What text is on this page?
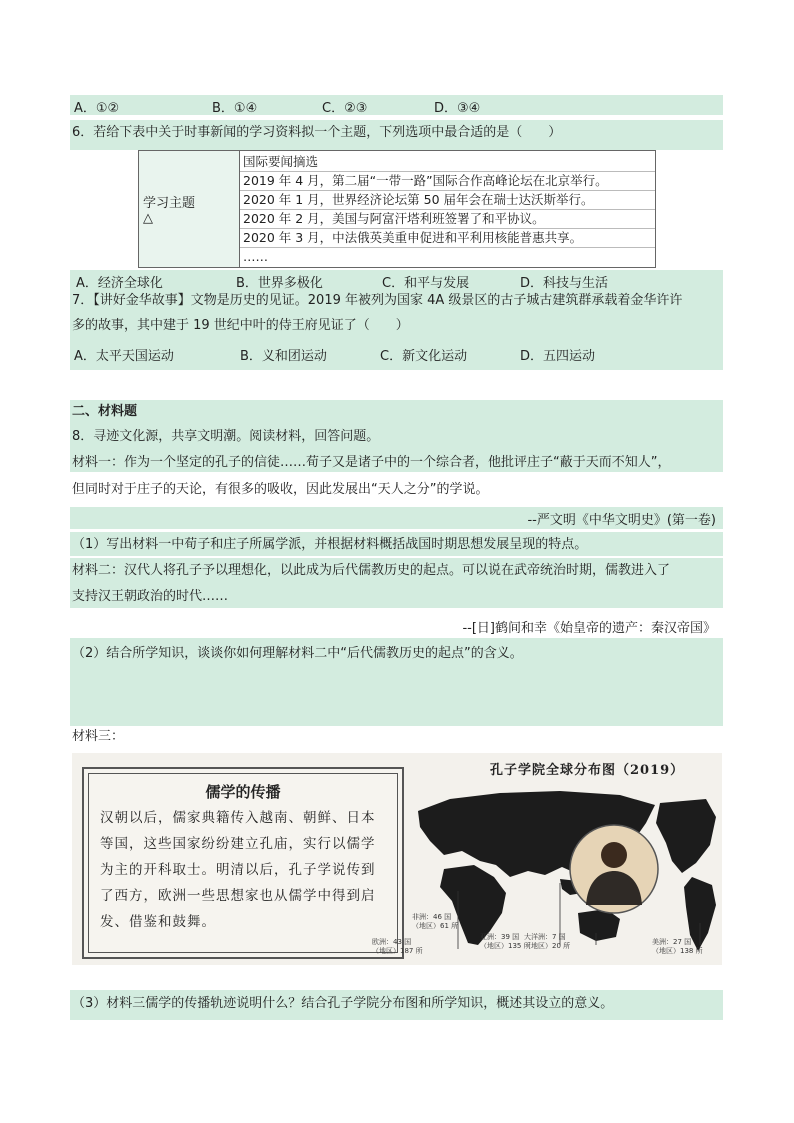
A．①②	B．①④	C．②③	D．③④
6．若给下表中关于时事新闻的学习资料拟一个主题，下列选项中最合适的是（　　）
学习主题
△

国际要闻摘选
2019 年 4 月，第二届“一带一路”国际合作高峰论坛在北京举行。
2020 年 1 月，世界经济论坛第 50 届年会在瑞士达沃斯举行。
2020 年 2 月，美国与阿富汗塔利班签署了和平协议。
2020 年 3 月，中法俄英美重申促进和平利用核能普惠共享。
……
A．经济全球化	B．世界多极化	C．和平与发展	D．科技与生活
7．【讲好金华故事】文物是历史的见证。2019 年被列为国家 4A 级景区的古子城古建筑群承载着金华许许
多的故事，其中建于 19 世纪中叶的侍王府见证了（　　）
A．太平天国运动	B．义和团运动	C．新文化运动	D．五四运动
二、材料题
8．寻迹文化源，共享文明潮。阅读材料，回答问题。
材料一：作为一个坚定的孔子的信徒……荀子又是诸子中的一个综合者，他批评庄子“蔽于天而不知人”，
但同时对于庄子的天论，有很多的吸收，因此发展出“天人之分”的学说。
--严文明《中华文明史》(第一卷)
（1）写出材料一中荀子和庄子所属学派，并根据材料概括战国时期思想发展呈现的特点。
材料二：汉代人将孔子予以理想化，以此成为后代儒教历史的起点。可以说在武帝统治时期，儒教进入了
支持汉王朝政治的时代……
--[日]鹤间和幸《始皇帝的遗产：秦汉帝国》
（2）结合所学知识，谈谈你如何理解材料二中“后代儒教历史的起点”的含义。
材料三：
儒学的传播
汉朝以后，儒家典籍传入越南、朝鲜、日本等国，这些国家纷纷建立孔庙，实行以儒学为主的开科取士。明清以后，孔子学说传到了西方，欧洲一些思想家也从儒学中得到启发、借鉴和鼓舞。
孔子学院全球分布图（2019）
非洲：46 国
（地区）61 所
欧洲：43 国
（地区）187 所
亚洲：39 国
（地区）135 所
大洋洲：7 国
（地区）20 所	美洲：27 国
（地区）138 所
（3）材料三儒学的传播轨迹说明什么？结合孔子学院分布图和所学知识，概述其设立的意义。
